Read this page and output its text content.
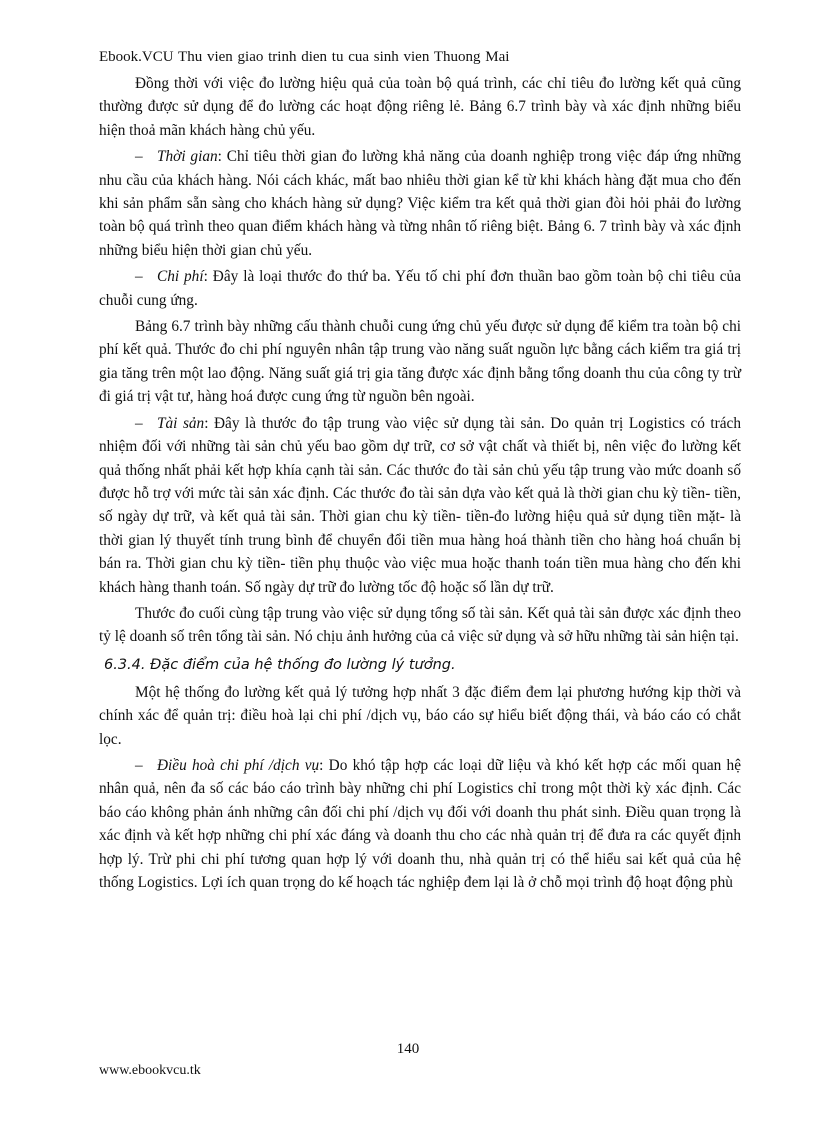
Ebook.VCU Thu vien giao trinh dien tu cua sinh vien Thuong Mai

Đồng thời với việc đo lường hiệu quả của toàn bộ quá trình, các chỉ tiêu đo lường kết quả cũng thường được sử dụng để đo lường các hoạt động riêng lẻ. Bảng 6.7 trình bày và xác định những biểu hiện thoả mãn khách hàng chủ yếu.

– Thời gian: Chỉ tiêu thời gian đo lường khả năng của doanh nghiệp trong việc đáp ứng những nhu cầu của khách hàng. Nói cách khác, mất bao nhiêu thời gian kể từ khi khách hàng đặt mua cho đến khi sản phẩm sẵn sàng cho khách hàng sử dụng? Việc kiểm tra kết quả thời gian đòi hỏi phải đo lường toàn bộ quá trình theo quan điểm khách hàng và từng nhân tố riêng biệt. Bảng 6. 7 trình bày và xác định những biểu hiện thời gian chủ yếu.

– Chi phí: Đây là loại thước đo thứ ba. Yếu tố chi phí đơn thuần bao gồm toàn bộ chi tiêu của chuỗi cung ứng.

Bảng 6.7 trình bày những cấu thành chuỗi cung ứng chủ yếu được sử dụng để kiểm tra toàn bộ chi phí kết quả. Thước đo chi phí nguyên nhân tập trung vào năng suất nguồn lực bằng cách kiểm tra giá trị gia tăng trên một lao động. Năng suất giá trị gia tăng được xác định bằng tổng doanh thu của công ty trừ đi giá trị vật tư, hàng hoá được cung ứng từ nguồn bên ngoài.

– Tài sản: Đây là thước đo tập trung vào việc sử dụng tài sản. Do quản trị Logistics có trách nhiệm đối với những tài sản chủ yếu bao gồm dự trữ, cơ sở vật chất và thiết bị, nên việc đo lường kết quả thống nhất phải kết hợp khía cạnh tài sản. Các thước đo tài sản chủ yếu tập trung vào mức doanh số được hỗ trợ với mức tài sản xác định. Các thước đo tài sản dựa vào kết quả là thời gian chu kỳ tiền- tiền, số ngày dự trữ, và kết quả tài sản. Thời gian chu kỳ tiền- tiền-đo lường hiệu quả sử dụng tiền mặt- là thời gian lý thuyết tính trung bình để chuyển đổi tiền mua hàng hoá thành tiền cho hàng hoá chuẩn bị bán ra. Thời gian chu kỳ tiền- tiền phụ thuộc vào việc mua hoặc thanh toán tiền mua hàng cho đến khi khách hàng thanh toán. Số ngày dự trữ đo lường tốc độ hoặc số lần dự trữ.

Thước đo cuối cùng tập trung vào việc sử dụng tổng số tài sản. Kết quả tài sản được xác định theo tỷ lệ doanh số trên tổng tài sản. Nó chịu ảnh hưởng của cả việc sử dụng và sở hữu những tài sản hiện tại.

6.3.4. Đặc điểm của hệ thống đo lường lý tưởng.

Một hệ thống đo lường kết quả lý tưởng hợp nhất 3 đặc điểm đem lại phương hướng kịp thời và chính xác để quản trị: điều hoà lại chi phí /dịch vụ, báo cáo sự hiểu biết động thái, và báo cáo có chắt lọc.

– Điều hoà chi phí /dịch vụ: Do khó tập hợp các loại dữ liệu và khó kết hợp các mối quan hệ nhân quả, nên đa số các báo cáo trình bày những chi phí Logistics chỉ trong một thời kỳ xác định. Các báo cáo không phản ánh những cân đối chi phí /dịch vụ đối với doanh thu phát sinh. Điều quan trọng là xác định và kết hợp những chi phí xác đáng và doanh thu cho các nhà quản trị để đưa ra các quyết định hợp lý. Trừ phi chi phí tương quan hợp lý với doanh thu, nhà quản trị có thể hiểu sai kết quả của hệ thống Logistics. Lợi ích quan trọng do kế hoạch tác nghiệp đem lại là ở chỗ mọi trình độ hoạt động phù

140
www.ebookvcu.tk
